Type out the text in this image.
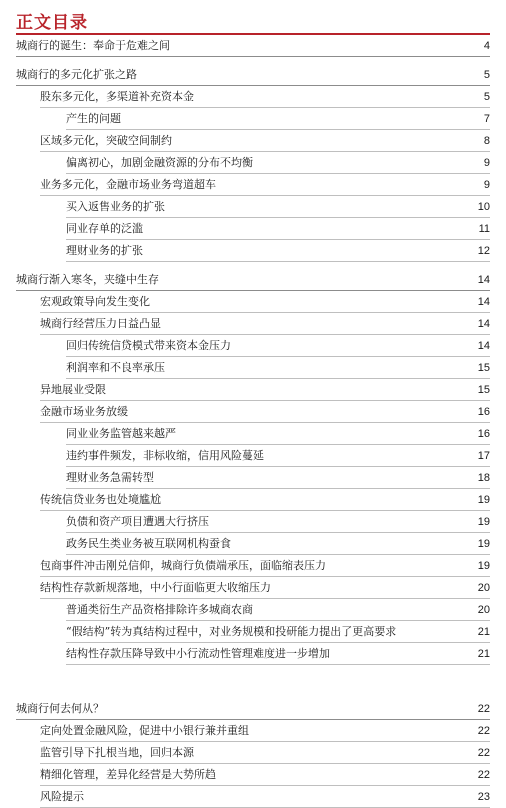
正文目录
城商行的诞生：奉命于危难之间	4
城商行的多元化扩张之路	5
股东多元化，多渠道补充资本金	5
产生的问题	7
区域多元化，突破空间制约	8
偏离初心，加剧金融资源的分布不均衡	9
业务多元化，金融市场业务弯道超车	9
买入返售业务的扩张	10
同业存单的泛滥	11
理财业务的扩张	12
城商行渐入寒冬，夹缝中生存	14
宏观政策导向发生变化	14
城商行经营压力日益凸显	14
回归传统信贷模式带来资本金压力	14
利润率和不良率承压	15
异地展业受限	15
金融市场业务放缓	16
同业业务监管越来越严	16
违约事件频发，非标收缩，信用风险蔓延	17
理财业务急需转型	18
传统信贷业务也处境尴尬	19
负债和资产项目遭遇大行挤压	19
政务民生类业务被互联网机构蚕食	19
包商事件冲击刚兑信仰，城商行负债端承压，面临缩表压力	19
结构性存款新规落地，中小行面临更大收缩压力	20
普通类衍生产品资格排除许多城商农商	20
“假结构”转为真结构过程中，对业务规模和投研能力提出了更高要求	21
结构性存款压降导致中小行流动性管理难度进一步增加	21
城商行何去何从？	22
定向处置金融风险，促进中小银行兼并重组	22
监管引导下扎根当地，回归本源	22
精细化管理，差异化经营是大势所趋	22
风险提示	23
